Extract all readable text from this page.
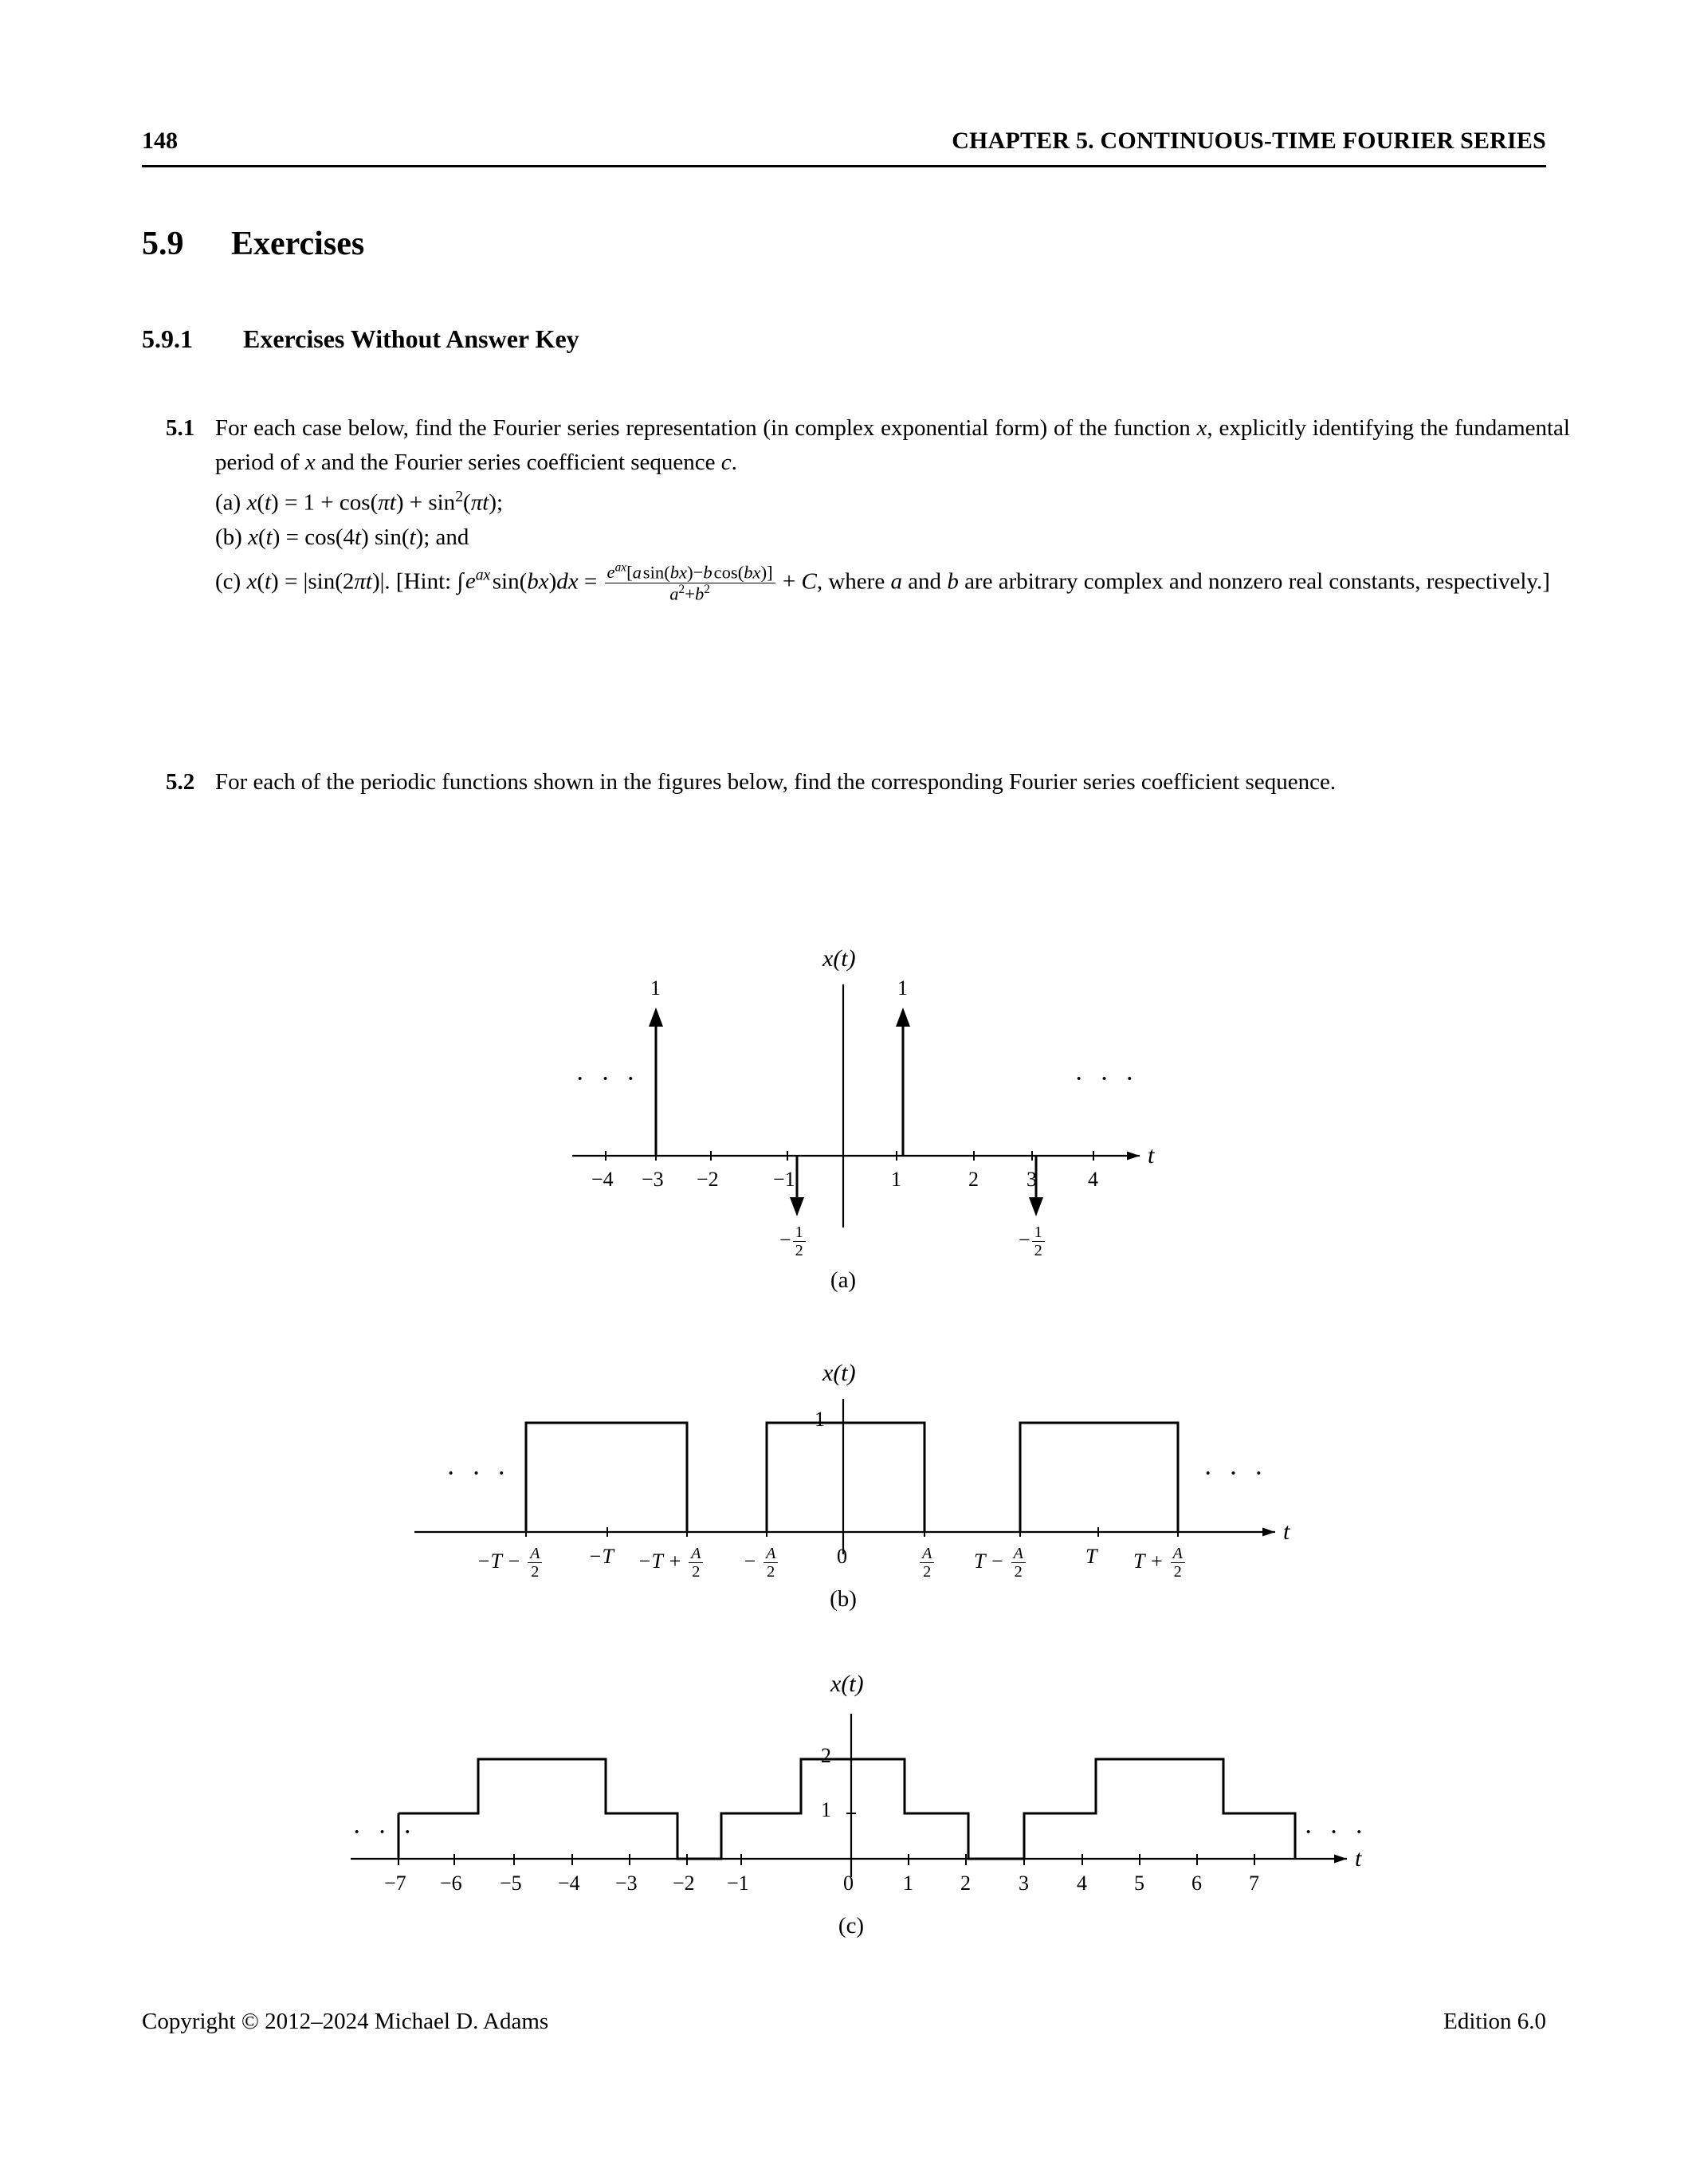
148	CHAPTER 5. CONTINUOUS-TIME FOURIER SERIES
5.9 Exercises
5.9.1 Exercises Without Answer Key
5.1 For each case below, find the Fourier series representation (in complex exponential form) of the function x, explicitly identifying the fundamental period of x and the Fourier series coefficient sequence c.
(a) $x(t) = 1 + \cos(\pi t) + \sin^2(\pi t)$;
(b) x(t) = cos(4t) sin(t); and
(c) x(t) = |sin(2πt)|. [Hint: ∫ $e^{ax}$ $\sin(bx)dx = \frac{e^{ax}[a \sin(bx)-b \cos(bx)]}{a^2+b^2} + C$, where a and b are arbitrary complex and nonzero real constants, respectively.]
5.2 For each of the periodic functions shown in the figures below, find the corresponding Fourier series coefficient sequence.
x(t)
t
· · ·	· · ·
1	1
− $\frac{1}{2}$	− $\frac{1}{2}$
−4 −3 −2	−1	1	2 3 4
(a)
x(t)
t
· · ·	· · ·
1
$-T - \frac{A}{2} -T -T + \frac{A}{2} - \frac{A}{2}$	0	$\frac{A}{2}$ $T - \frac{A}{2}$	T $T + \frac{A}{2}$
(b)
x(t)
t
· · ·	· · ·
2
1
−7 −6 −5 −4 −3 −2 −1	0 1 2 3 4 5 6 7
(c)
Copyright © 2012–2024 Michael D. Adams	Edition 6.0
